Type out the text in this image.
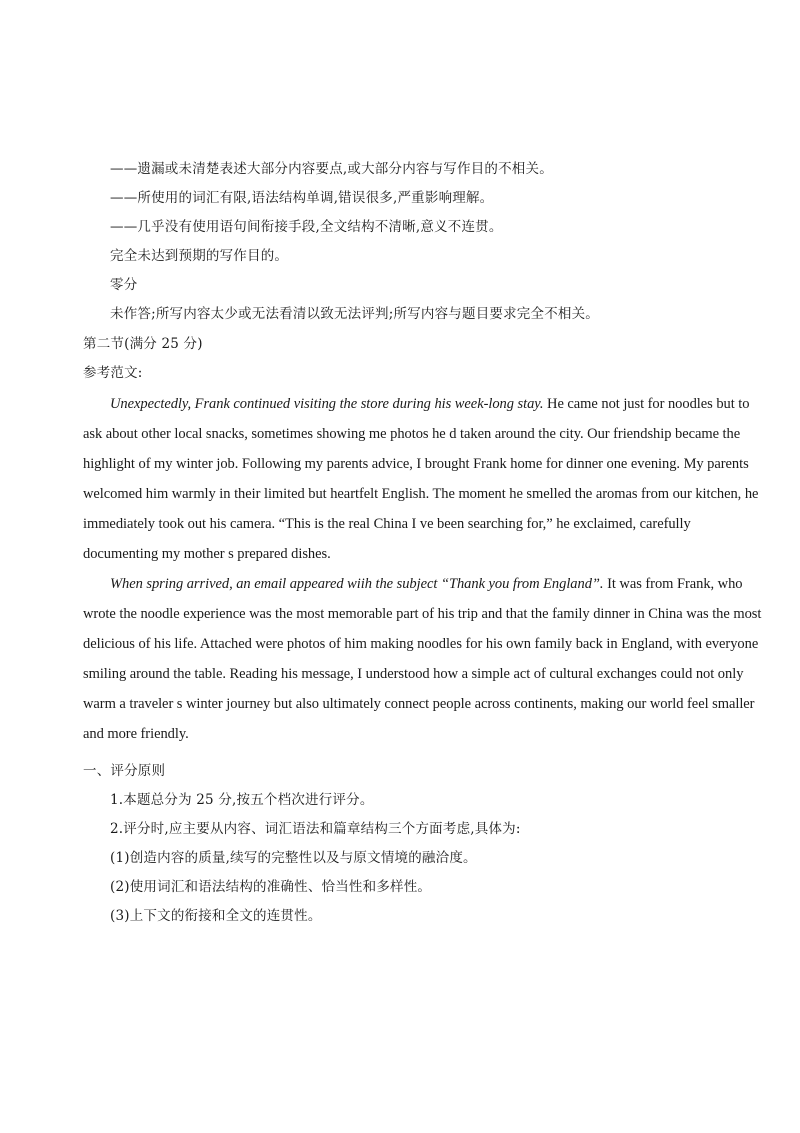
——遗漏或未清楚表述大部分内容要点,或大部分内容与写作目的不相关。
——所使用的词汇有限,语法结构单调,错误很多,严重影响理解。
——几乎没有使用语句间衔接手段,全文结构不清晰,意义不连贯。
完全未达到预期的写作目的。
零分
未作答;所写内容太少或无法看清以致无法评判;所写内容与题目要求完全不相关。
第二节(满分 25 分)
参考范文:
Unexpectedly, Frank continued visiting the store during his week-long stay. He came not just for noodles but to
ask about other local snacks, sometimes showing me photos he d taken around the city. Our friendship became the
highlight of my winter job. Following my parents advice, I brought Frank home for dinner one evening. My parents
welcomed him warmly in their limited but heartfelt English. The moment he smelled the aromas from our kitchen, he
immediately took out his camera. “This is the real China I ve been searching for,” he exclaimed, carefully
documenting my mother s prepared dishes.
When spring arrived, an email appeared wiih the subject “Thank you from England”. It was from Frank, who
wrote the noodle experience was the most memorable part of his trip and that the family dinner in China was the most
delicious of his life. Attached were photos of him making noodles for his own family back in England, with everyone
smiling around the table. Reading his message, I understood how a simple act of cultural exchanges could not only
warm a traveler s winter journey but also ultimately connect people across continents, making our world feel smaller
and more friendly.
一、评分原则
1.本题总分为 25 分,按五个档次进行评分。
2.评分时,应主要从内容、词汇语法和篇章结构三个方面考虑,具体为:
(1)创造内容的质量,续写的完整性以及与原文情境的融洽度。
(2)使用词汇和语法结构的准确性、恰当性和多样性。
(3)上下文的衔接和全文的连贯性。
